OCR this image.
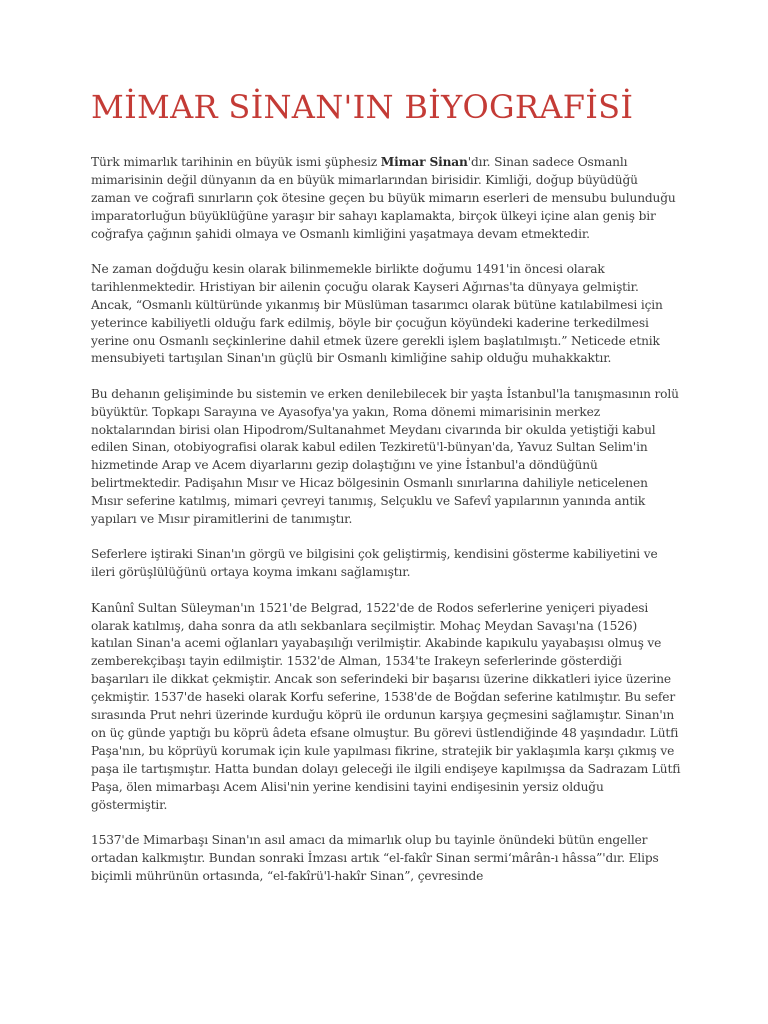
MİMAR SİNAN'IN BİYOGRAFİSİ

Türk mimarlık tarihinin en büyük ismi şüphesiz Mimar Sinan'dır. Sinan sadece Osmanlı mimarisinin değil dünyanın da en büyük mimarlarından birisidir. Kimliği, doğup büyüdüğü zaman ve coğrafi sınırların çok ötesine geçen bu büyük mimarın eserleri de mensubu bulunduğu imparatorluğun büyüklüğüne yaraşır bir sahayı kaplamakta, birçok ülkeyi içine alan geniş bir coğrafya çağının şahidi olmaya ve Osmanlı kimliğini yaşatmaya devam etmektedir.

Ne zaman doğduğu kesin olarak bilinmemekle birlikte doğumu 1491'in öncesi olarak tarihlenmektedir. Hristiyan bir ailenin çocuğu olarak Kayseri Ağırnas'ta dünyaya gelmiştir. Ancak, “Osmanlı kültüründe yıkanmış bir Müslüman tasarımcı olarak bütüne katılabilmesi için yeterince kabiliyetli olduğu fark edilmiş, böyle bir çocuğun köyündeki kaderine terkedilmesi yerine onu Osmanlı seçkinlerine dahil etmek üzere gerekli işlem başlatılmıştı.” Neticede etnik mensubiyeti tartışılan Sinan'ın güçlü bir Osmanlı kimliğine sahip olduğu muhakkaktır.

Bu dehanın gelişiminde bu sistemin ve erken denilebilecek bir yaşta İstanbul'la tanışmasının rolü büyüktür. Topkapı Sarayına ve Ayasofya'ya yakın, Roma dönemi mimarisinin merkez noktalarından birisi olan Hipodrom/Sultanahmet Meydanı civarında bir okulda yetiştiği kabul edilen Sinan, otobiyografisi olarak kabul edilen Tezkiretü'l-bünyan'da, Yavuz Sultan Selim'in hizmetinde Arap ve Acem diyarlarını gezip dolaştığını ve yine İstanbul'a döndüğünü belirtmektedir. Padişahın Mısır ve Hicaz bölgesinin Osmanlı sınırlarına dahiliyle neticelenen Mısır seferine katılmış, mimari çevreyi tanımış, Selçuklu ve Safevî yapılarının yanında antik yapıları ve Mısır piramitlerini de tanımıştır.

Seferlere iştiraki Sinan'ın görgü ve bilgisini çok geliştirmiş, kendisini gösterme kabiliyetini ve ileri görüşlülüğünü ortaya koyma imkanı sağlamıştır.

Kanûnî Sultan Süleyman'ın 1521'de Belgrad, 1522'de de Rodos seferlerine yeniçeri piyadesi olarak katılmış, daha sonra da atlı sekbanlara seçilmiştir. Mohaç Meydan Savaşı'na (1526) katılan Sinan'a acemi oğlanları yayabaşılığı verilmiştir. Akabinde kapıkulu yayabaşısı olmuş ve zemberekçibaşı tayin edilmiştir. 1532'de Alman, 1534'te Irakeyn seferlerinde gösterdiği başarıları ile dikkat çekmiştir. Ancak son seferindeki bir başarısı üzerine dikkatleri iyice üzerine çekmiştir. 1537'de haseki olarak Korfu seferine, 1538'de de Boğdan seferine katılmıştır. Bu sefer sırasında Prut nehri üzerinde kurduğu köprü ile ordunun karşıya geçmesini sağlamıştır. Sinan'ın on üç günde yaptığı bu köprü âdeta efsane olmuştur. Bu görevi üstlendiğinde 48 yaşındadır. Lütfi Paşa'nın, bu köprüyü korumak için kule yapılması fikrine, stratejik bir yaklaşımla karşı çıkmış ve paşa ile tartışmıştır. Hatta bundan dolayı geleceği ile ilgili endişeye kapılmışsa da Sadrazam Lütfi Paşa, ölen mimarbaşı Acem Alisi'nin yerine kendisini tayini endişesinin yersiz olduğu göstermiştir.

1537'de Mimarbaşı Sinan'ın asıl amacı da mimarlık olup bu tayinle önündeki bütün engeller ortadan kalkmıştır. Bundan sonraki İmzası artık “el-fakîr Sinan sermi‘mârân-ı hâssa”'dır. Elips biçimli mührünün ortasında, “el-fakîrü'l-hakîr Sinan”, çevresinde
